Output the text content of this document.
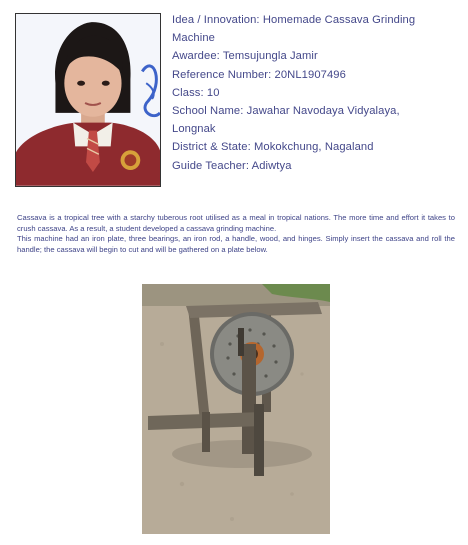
Idea / Innovation: Homemade Cassava Grinding
Machine
Awardee: Temsujungla Jamir
Reference Number: 20NL1907496
Class: 10
School Name: Jawahar Navodaya Vidyalaya,
Longnak
District & State: Mokokchung, Nagaland
Guide Teacher: Adiwtya

Cassava is a tropical tree with a starchy tuberous root utilised as a meal in tropical nations. The more time and effort it takes to crush cassava. As a result, a student developed a cassava grinding machine.

This machine had an iron plate, three bearings, an iron rod, a handle, wood, and hinges. Simply insert the cassava and roll the handle; the cassava will begin to cut and will be gathered on a plate below.
